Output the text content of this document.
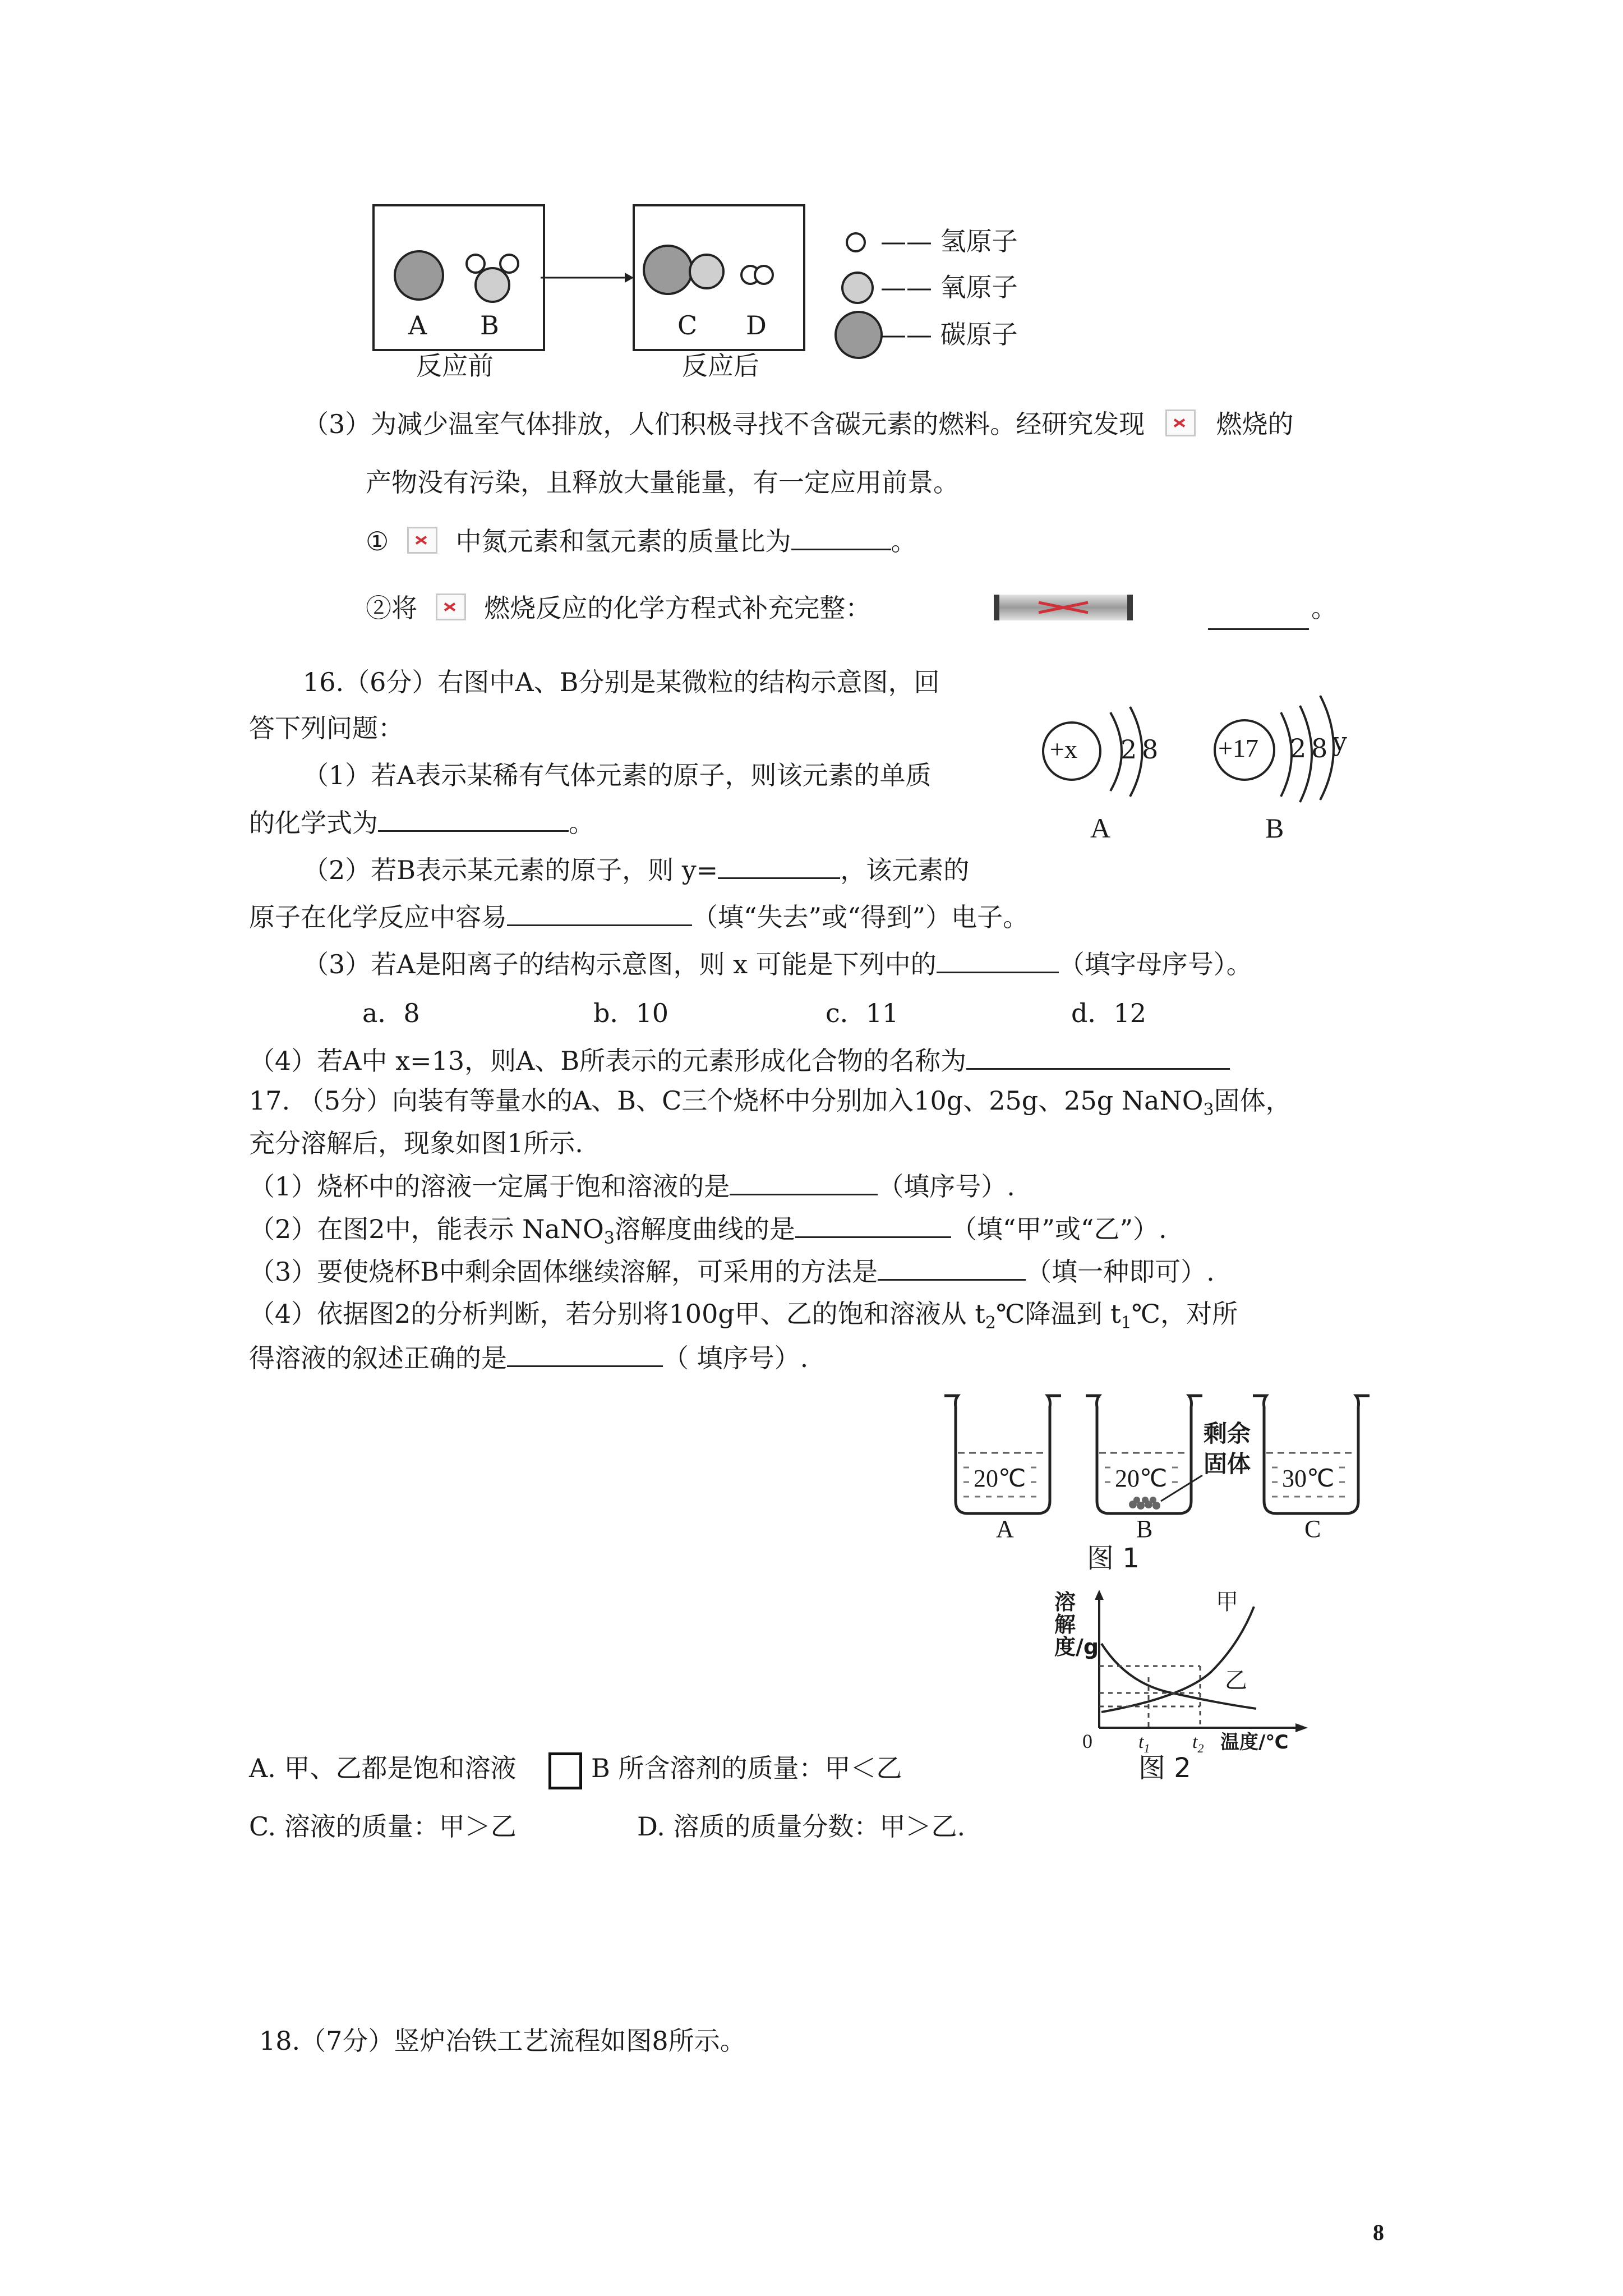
A B
反应前
C D
反应后
—— 氢原子
—— 氧原子
—— 碳原子
（3）为减少温室气体排放，人们积极寻找不含碳元素的燃料。经研究发现	燃烧的
产物没有污染，且释放大量能量，有一定应用前景。
①	中氮元素和氢元素的质量比为	。
②将	燃烧反应的化学方程式补充完整：	。
16.（6分）右图中A、B分别是某微粒的结构示意图，回
答下列问题：
（1）若A表示某稀有气体元素的原子，则该元素的单质
的化学式为	。
（2）若B表示某元素的原子，则 y=	，该元素的
原子在化学反应中容易	（填“失去”或“得到”）电子。
（3）若A是阳离子的结构示意图，则 x 可能是下列中的	（填字母序号）。
a．8	b．10	c．11	d．12
（4）若A中 x=13，则A、B所表示的元素形成化合物的名称为
+x 2 8
A
+17 2 8 y
B
17. （5分）向装有等量水的A、B、C三个烧杯中分别加入10g、25g、25g NaNO$_3$固体，
充分溶解后，现象如图1所示.
（1）烧杯中的溶液一定属于饱和溶液的是	（填序号）.
（2）在图2中，能表示 NaNO$_3$溶解度曲线的是	（填“甲”或“乙”）.
（3）要使烧杯B中剩余固体继续溶解，可采用的方法是	（填一种即可）.
（4）依据图2的分析判断，若分别将100g甲、乙的饱和溶液从 $t_2℃$降温到 $t_1℃$，对所
得溶液的叙述正确的是	（ 填序号）.
20℃
A
20℃
B
剩余
固体
30℃
C
图 1
溶解度/g
甲
乙
0 $t_1$ $t_2$ 温度/℃
图 2
A. 甲、乙都是饱和溶液	B 所含溶剂的质量：甲＜乙
C. 溶液的质量：甲＞乙	D. 溶质的质量分数：甲＞乙.
18.（7分）竖炉冶铁工艺流程如图8所示。
8
